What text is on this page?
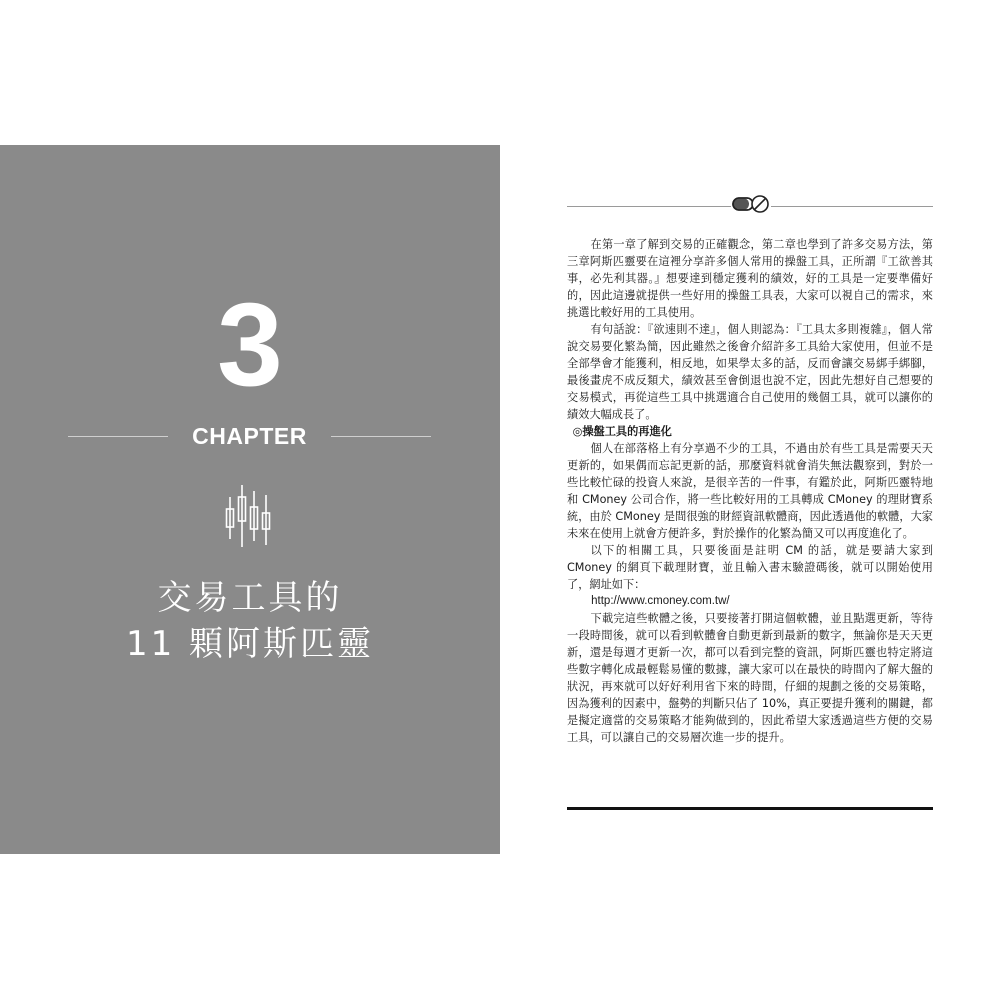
3
CHAPTER
交易工具的
11 顆阿斯匹靈

在第一章了解到交易的正確觀念，第二章也學到了許多交易方法，第三章阿斯匹靈要在這裡分享許多個人常用的操盤工具，正所謂『工欲善其事，必先利其器。』想要達到穩定獲利的績效，好的工具是一定要準備好的，因此這邊就提供一些好用的操盤工具表，大家可以視自己的需求，來挑選比較好用的工具使用。

有句話說：『欲速則不達』，個人則認為：『工具太多則複雜』，個人常說交易要化繁為簡，因此雖然之後會介紹許多工具給大家使用，但並不是全部學會才能獲利，相反地，如果學太多的話，反而會讓交易綁手綁腳，最後畫虎不成反類犬，績效甚至會倒退也說不定，因此先想好自己想要的交易模式，再從這些工具中挑選適合自己使用的幾個工具，就可以讓你的績效大幅成長了。

◎操盤工具的再進化

個人在部落格上有分享過不少的工具，不過由於有些工具是需要天天更新的，如果偶而忘記更新的話，那麼資料就會消失無法觀察到，對於一些比較忙碌的投資人來說，是很辛苦的一件事，有鑑於此，阿斯匹靈特地和 CMoney 公司合作，將一些比較好用的工具轉成 CMoney 的理財寶系統，由於 CMoney 是間很強的財經資訊軟體商，因此透過他的軟體，大家未來在使用上就會方便許多，對於操作的化繁為簡又可以再度進化了。

以下的相關工具，只要後面是註明 CM 的話，就是要請大家到 CMoney 的網頁下載理財寶，並且輸入書末驗證碼後，就可以開始使用了，網址如下：

http://www.cmoney.com.tw/

下載完這些軟體之後，只要接著打開這個軟體，並且點選更新，等待一段時間後，就可以看到軟體會自動更新到最新的數字，無論你是天天更新，還是每週才更新一次，都可以看到完整的資訊，阿斯匹靈也特定將這些數字轉化成最輕鬆易懂的數據，讓大家可以在最快的時間內了解大盤的狀況，再來就可以好好利用省下來的時間，仔細的規劃之後的交易策略，因為獲利的因素中，盤勢的判斷只佔了 10%，真正要提升獲利的關鍵，都是擬定適當的交易策略才能夠做到的，因此希望大家透過這些方便的交易工具，可以讓自己的交易層次進一步的提升。
